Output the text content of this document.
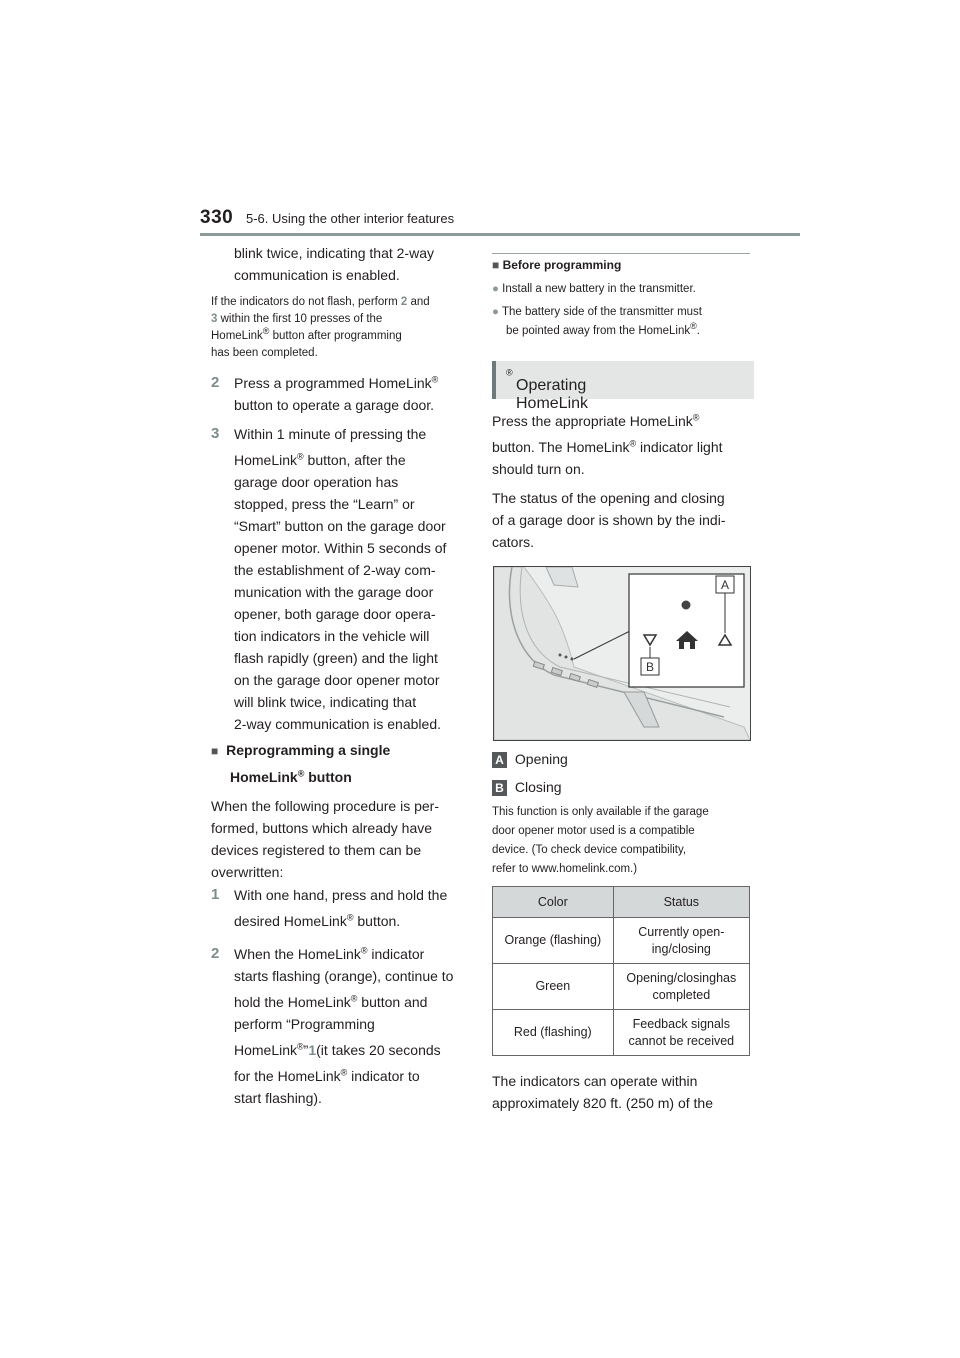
330 5-6. Using the other interior features
blink twice, indicating that 2-way
communication is enabled.
If the indicators do not flash, perform 2 and
3 within the first 10 presses of the
HomeLink® button after programming
has been completed.
2 Press a programmed HomeLink®
button to operate a garage door.
3 Within 1 minute of pressing the
HomeLink® button, after the
garage door operation has
stopped, press the “Learn” or
“Smart” button on the garage door
opener motor. Within 5 seconds of
the establishment of 2-way com-
munication with the garage door
opener, both garage door opera-
tion indicators in the vehicle will
flash rapidly (green) and the light
on the garage door opener motor
will blink twice, indicating that
2-way communication is enabled.
■ Reprogramming a single
HomeLink® button
When the following procedure is per-
formed, buttons which already have
devices registered to them can be
overwritten:
1 With one hand, press and hold the
desired HomeLink® button.
2 When the HomeLink® indicator
starts flashing (orange), continue to
hold the HomeLink® button and
perform “Programming
HomeLink®”1(it takes 20 seconds
for the HomeLink® indicator to
start flashing).
■ Before programming
● Install a new battery in the transmitter.
● The battery side of the transmitter must
be pointed away from the HomeLink®.
Operating HomeLink
®
Press the appropriate HomeLink®
button. The HomeLink® indicator light
should turn on.
The status of the opening and closing
of a garage door is shown by the indi-
cators.
A
B
A Opening
B Closing
This function is only available if the garage
door opener motor used is a compatible
device. (To check device compatibility,
refer to www.homelink.com.)
Color	Status
Orange (flashing)	Currently open-
ing/closing

Green	Opening/closinghas
completed

Red (flashing)	Feedback signals
cannot be received
The indicators can operate within
approximately 820 ft. (250 m) of the
